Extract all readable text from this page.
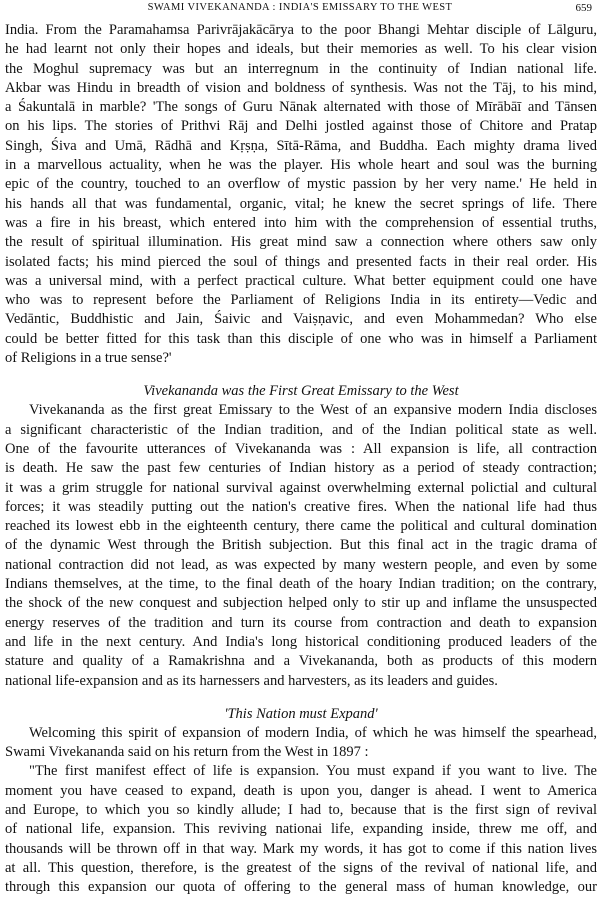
SWAMI VIVEKANANDA : INDIA'S EMISSARY TO THE WEST	659
India. From the Paramahamsa Parivrājakācārya to the poor Bhangi Mehtar disciple of Lālguru,
he had learnt not only their hopes and ideals, but their memories as well. To his clear vision
the Moghul supremacy was but an interregnum in the continuity of Indian national life.
Akbar was Hindu in breadth of vision and boldness of synthesis. Was not the Tāj, to his mind,
a Śakuntalā in marble? 'The songs of Guru Nānak alternated with those of Mīrābāī and Tānsen
on his lips. The stories of Prithvi Rāj and Delhi jostled against those of Chitore and Pratap
Singh, Śiva and Umā, Rādhā and Kṛṣṇa, Sītā-Rāma, and Buddha. Each mighty drama lived
in a marvellous actuality, when he was the player. His whole heart and soul was the burning
epic of the country, touched to an overflow of mystic passion by her very name.' He held in
his hands all that was fundamental, organic, vital; he knew the secret springs of life. There
was a fire in his breast, which entered into him with the comprehension of essential truths,
the result of spiritual illumination. His great mind saw a connection where others saw only
isolated facts; his mind pierced the soul of things and presented facts in their real order. His
was a universal mind, with a perfect practical culture. What better equipment could one have
who was to represent before the Parliament of Religions India in its entirety—Vedic and
Vedāntic, Buddhistic and Jain, Śaivic and Vaiṣṇavic, and even Mohammedan? Who else
could be better fitted for this task than this disciple of one who was in himself a Parliament
of Religions in a true sense?'
Vivekananda was the First Great Emissary to the West
Vivekananda as the first great Emissary to the West of an expansive modern India discloses
a significant characteristic of the Indian tradition, and of the Indian political state as well.
One of the favourite utterances of Vivekananda was : All expansion is life, all contraction
is death. He saw the past few centuries of Indian history as a period of steady contraction;
it was a grim struggle for national survival against overwhelming external polictial and cultural
forces; it was steadily putting out the nation's creative fires. When the national life had thus
reached its lowest ebb in the eighteenth century, there came the political and cultural domination
of the dynamic West through the British subjection. But this final act in the tragic drama of
national contraction did not lead, as was expected by many western people, and even by some
Indians themselves, at the time, to the final death of the hoary Indian tradition; on the contrary,
the shock of the new conquest and subjection helped only to stir up and inflame the unsuspected
energy reserves of the tradition and turn its course from contraction and death to expansion
and life in the next century. And India's long historical conditioning produced leaders of the
stature and quality of a Ramakrishna and a Vivekananda, both as products of this modern
national life-expansion and as its harnessers and harvesters, as its leaders and guides.
'This Nation must Expand'
Welcoming this spirit of expansion of modern India, of which he was himself the spearhead,
Swami Vivekananda said on his return from the West in 1897 :
"The first manifest effect of life is expansion. You must expand if you want to live. The
moment you have ceased to expand, death is upon you, danger is ahead. I went to America
and Europe, to which you so kindly allude; I had to, because that is the first sign of revival
of national life, expansion. This reviving nationai life, expanding inside, threw me off, and
thousands will be thrown off in that way. Mark my words, it has got to come if this nation lives
at all. This question, therefore, is the greatest of the signs of the revival of national life, and
through this expansion our quota of offering to the general mass of human knowledge, our
